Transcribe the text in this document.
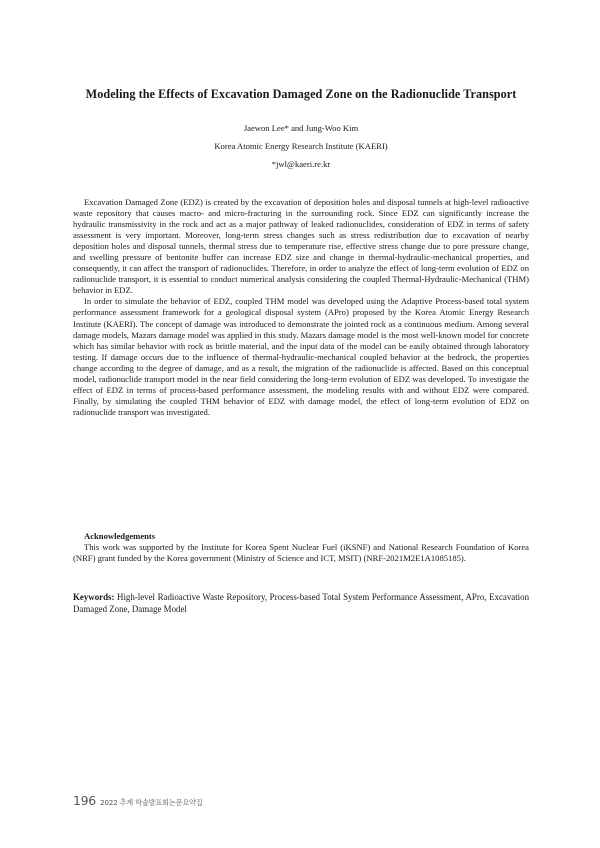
Modeling the Effects of Excavation Damaged Zone on the Radionuclide Transport
Jaewon Lee* and Jung-Woo Kim
Korea Atomic Energy Research Institute (KAERI)
*jwl@kaeri.re.kr

Excavation Damaged Zone (EDZ) is created by the excavation of deposition holes and disposal tunnels at high-level radioactive waste repository that causes macro- and micro-fracturing in the surrounding rock. Since EDZ can significantly increase the hydraulic transmissivity in the rock and act as a major pathway of leaked radionuclides, consideration of EDZ in terms of safety assessment is very important. Moreover, long-term stress changes such as stress redistribution due to excavation of nearby deposition holes and disposal tunnels, thermal stress due to temperature rise, effective stress change due to pore pressure change, and swelling pressure of bentonite buffer can increase EDZ size and change in thermal-hydraulic-mechanical properties, and consequently, it can affect the transport of radionuclides. Therefore, in order to analyze the effect of long-term evolution of EDZ on radionuclide transport, it is essential to conduct numerical analysis considering the coupled Thermal-Hydraulic-Mechanical (THM) behavior in EDZ.

In order to simulate the behavior of EDZ, coupled THM model was developed using the Adaptive Process-based total system performance assessment framework for a geological disposal system (APro) proposed by the Korea Atomic Energy Research Institute (KAERI). The concept of damage was introduced to demonstrate the jointed rock as a continuous medium. Among several damage models, Mazars damage model was applied in this study. Mazars damage model is the most well-known model for concrete which has similar behavior with rock as brittle material, and the input data of the model can be easily obtained through laboratory testing. If damage occurs due to the influence of thermal-hydraulic-mechanical coupled behavior at the bedrock, the properties change according to the degree of damage, and as a result, the migration of the radionuclide is affected. Based on this conceptual model, radionuclide transport model in the near field considering the long-term evolution of EDZ was developed. To investigate the effect of EDZ in terms of process-based performance assessment, the modeling results with and without EDZ were compared. Finally, by simulating the coupled THM behavior of EDZ with damage model, the effect of long-term evolution of EDZ on radionuclide transport was investigated.

Acknowledgements

This work was supported by the Institute for Korea Spent Nuclear Fuel (iKSNF) and National Research Foundation of Korea (NRF) grant funded by the Korea government (Ministry of Science and ICT, MSIT) (NRF-2021M2E1A1085185).

Keywords: High-level Radioactive Waste Repository, Process-based Total System Performance Assessment, APro, Excavation Damaged Zone, Damage Model
196 2022 추계 학술발표회논문요약집
